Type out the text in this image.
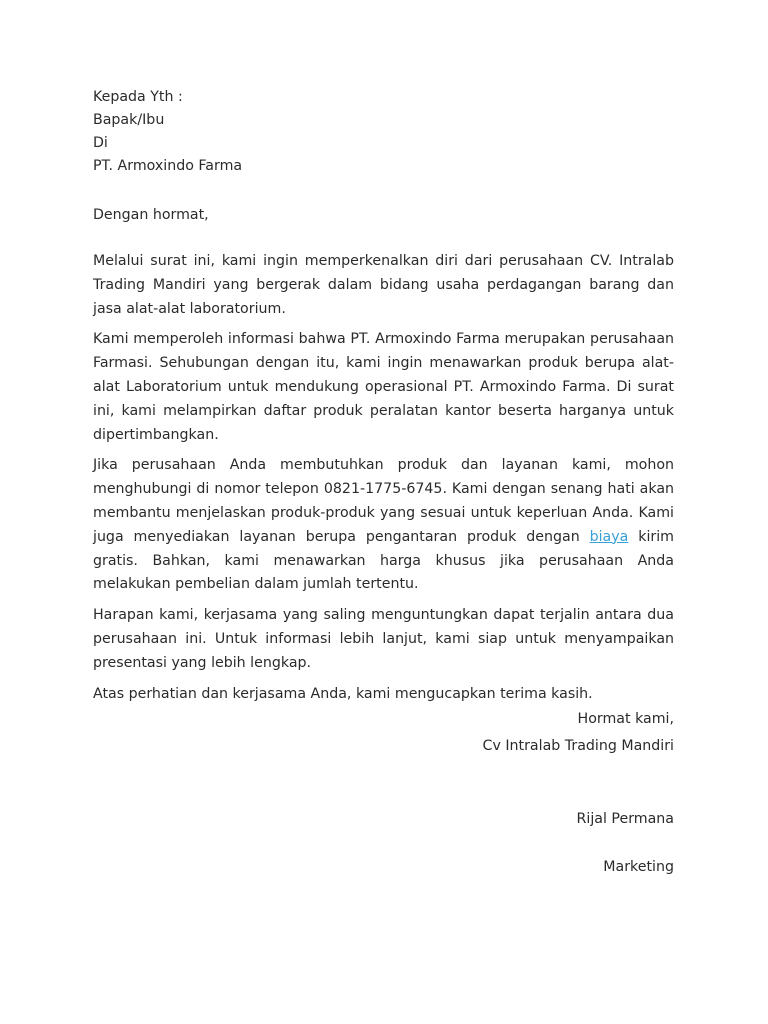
Kepada Yth :
Bapak/Ibu
Di
PT. Armoxindo Farma
Dengan hormat,

Melalui surat ini, kami ingin memperkenalkan diri dari perusahaan CV. Intralab Trading Mandiri yang bergerak dalam bidang usaha perdagangan barang dan jasa alat-alat laboratorium.

Kami memperoleh informasi bahwa PT. Armoxindo Farma merupakan perusahaan Farmasi. Sehubungan dengan itu, kami ingin menawarkan produk berupa alat-alat Laboratorium untuk mendukung operasional PT. Armoxindo Farma. Di surat ini, kami melampirkan daftar produk peralatan kantor beserta harganya untuk dipertimbangkan.

Jika perusahaan Anda membutuhkan produk dan layanan kami, mohon menghubungi di nomor telepon 0821-1775-6745. Kami dengan senang hati akan membantu menjelaskan produk-produk yang sesuai untuk keperluan Anda. Kami juga menyediakan layanan berupa pengantaran produk dengan biaya kirim gratis. Bahkan, kami menawarkan harga khusus jika perusahaan Anda melakukan pembelian dalam jumlah tertentu.

Harapan kami, kerjasama yang saling menguntungkan dapat terjalin antara dua perusahaan ini. Untuk informasi lebih lanjut, kami siap untuk menyampaikan presentasi yang lebih lengkap.

Atas perhatian dan kerjasama Anda, kami mengucapkan terima kasih.

Hormat kami,
Cv Intralab Trading Mandiri
Rijal Permana
Marketing
